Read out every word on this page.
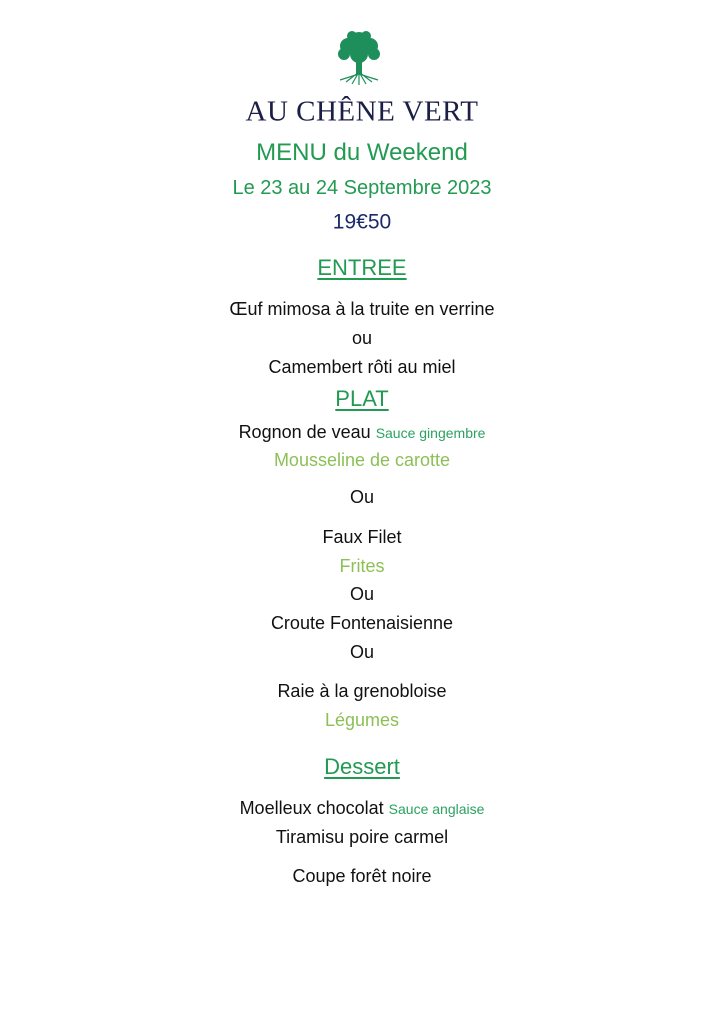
AU CHÊNE VERT
MENU du Weekend
Le 23 au 24 Septembre 2023
19€50
ENTREE
Œuf mimosa à la truite en verrine
ou
Camembert rôti au miel
PLAT
Rognon de veau Sauce gingembre
Mousseline de carotte
Ou
Faux Filet
Frites
Ou
Croute Fontenaisienne
Ou
Raie à la grenobloise
Légumes
Dessert
Moelleux chocolat Sauce anglaise
Tiramisu poire carmel
Coupe forêt noire
